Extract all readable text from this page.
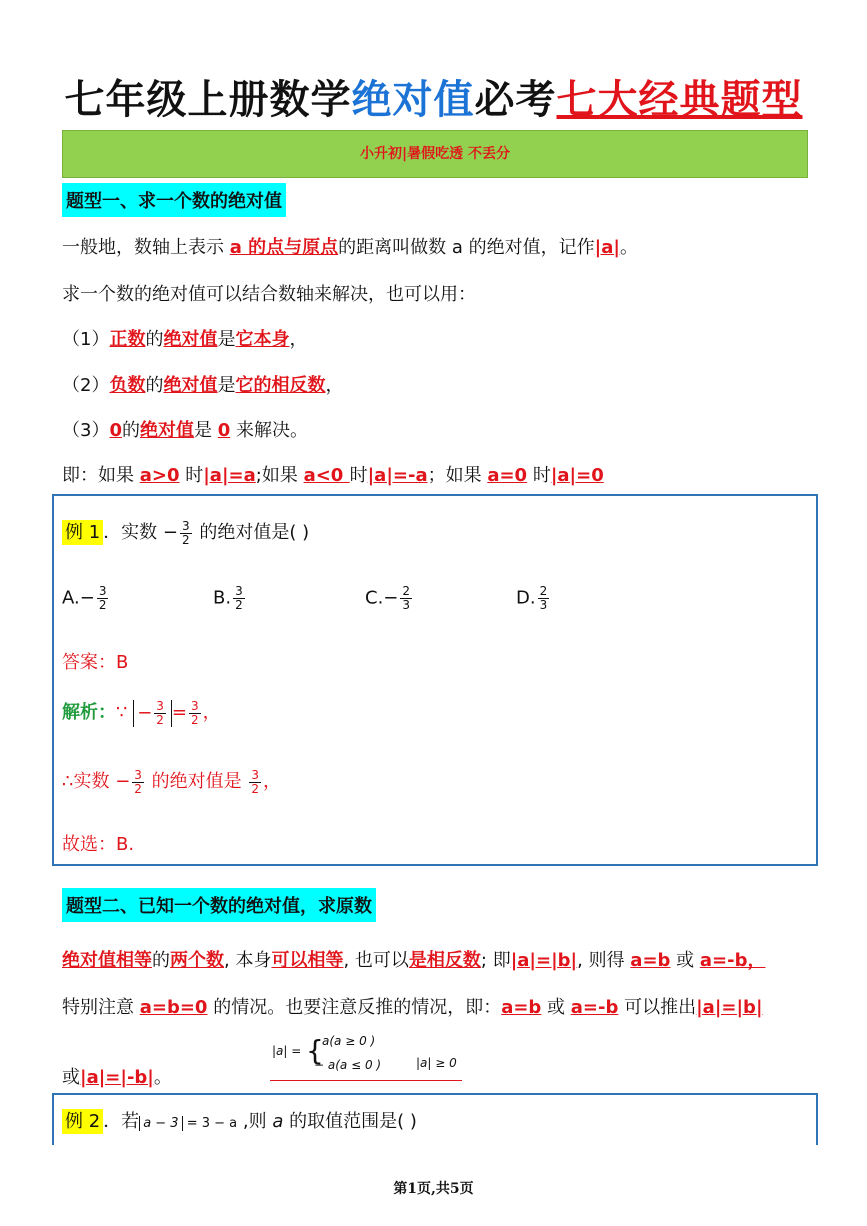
七年级上册数学绝对值必考七大经典题型
小升初|暑假吃透 不丢分
题型一、求一个数的绝对值
一般地，数轴上表示 a 的点与原点的距离叫做数 a 的绝对值，记作|a|。
求一个数的绝对值可以结合数轴来解决，也可以用：
（1）正数的绝对值是它本身，
（2）负数的绝对值是它的相反数，
（3）0的绝对值是 0 来解决。
即：如果 a>0 时|a|=a;如果 a<0 时|a|=-a；如果 a=0 时|a|=0
例 1 ．实数 − $\frac{3}{2}$ 的绝对值是( )
$A.- \frac{3}{2}$	B. $\frac{3}{2}$	$C.- \frac{2}{3}$	D. $\frac{2}{3}$
答案：B
解析：∵ − $\frac{3}{2} = \frac{3}{2}$ ，
∴实数 − $\frac{3}{2}$ 的绝对值是 $\frac{3}{2}$ ，
故选：B.
题型二、已知一个数的绝对值，求原数
绝对值相等的两个数, 本身可以相等, 也可以是相反数; 即|a|=|b|, 则得 a=b 或 a=-b，
特别注意 a=b=0 的情况。也要注意反推的情况，即：a=b 或 a=-b 可以推出|a|=|b|
|a| = {
a(a ≥ 0 )
− a(a ≤ 0 )	|a| ≥ 0
或|a|=|-b|。
例 2 ．若 a − 3 = 3 − a ,则 a 的取值范围是( )
第1页,共5页
